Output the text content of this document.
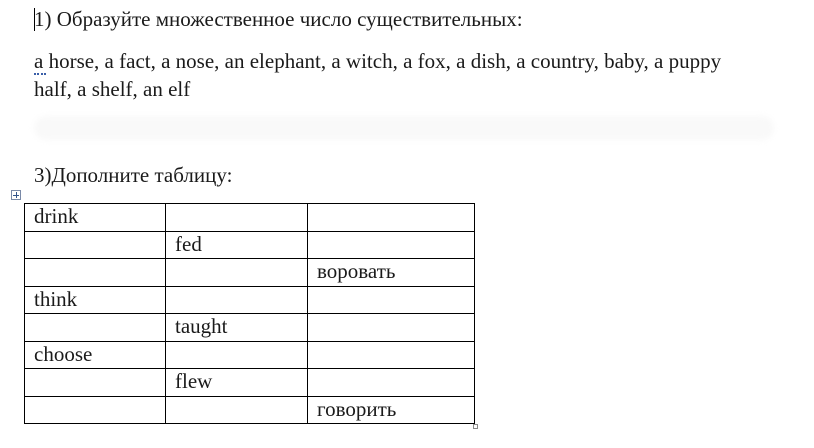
1) Образуйте множественное число существительных:
a horse, a fact, a nose, an elephant, a witch, a fox, a dish, a country, baby, a puppy
half, a shelf, an elf
3)Дополните таблицу:
drink		
	fed	
		воровать
think		
	taught	
choose		
	flew	
		говорить
